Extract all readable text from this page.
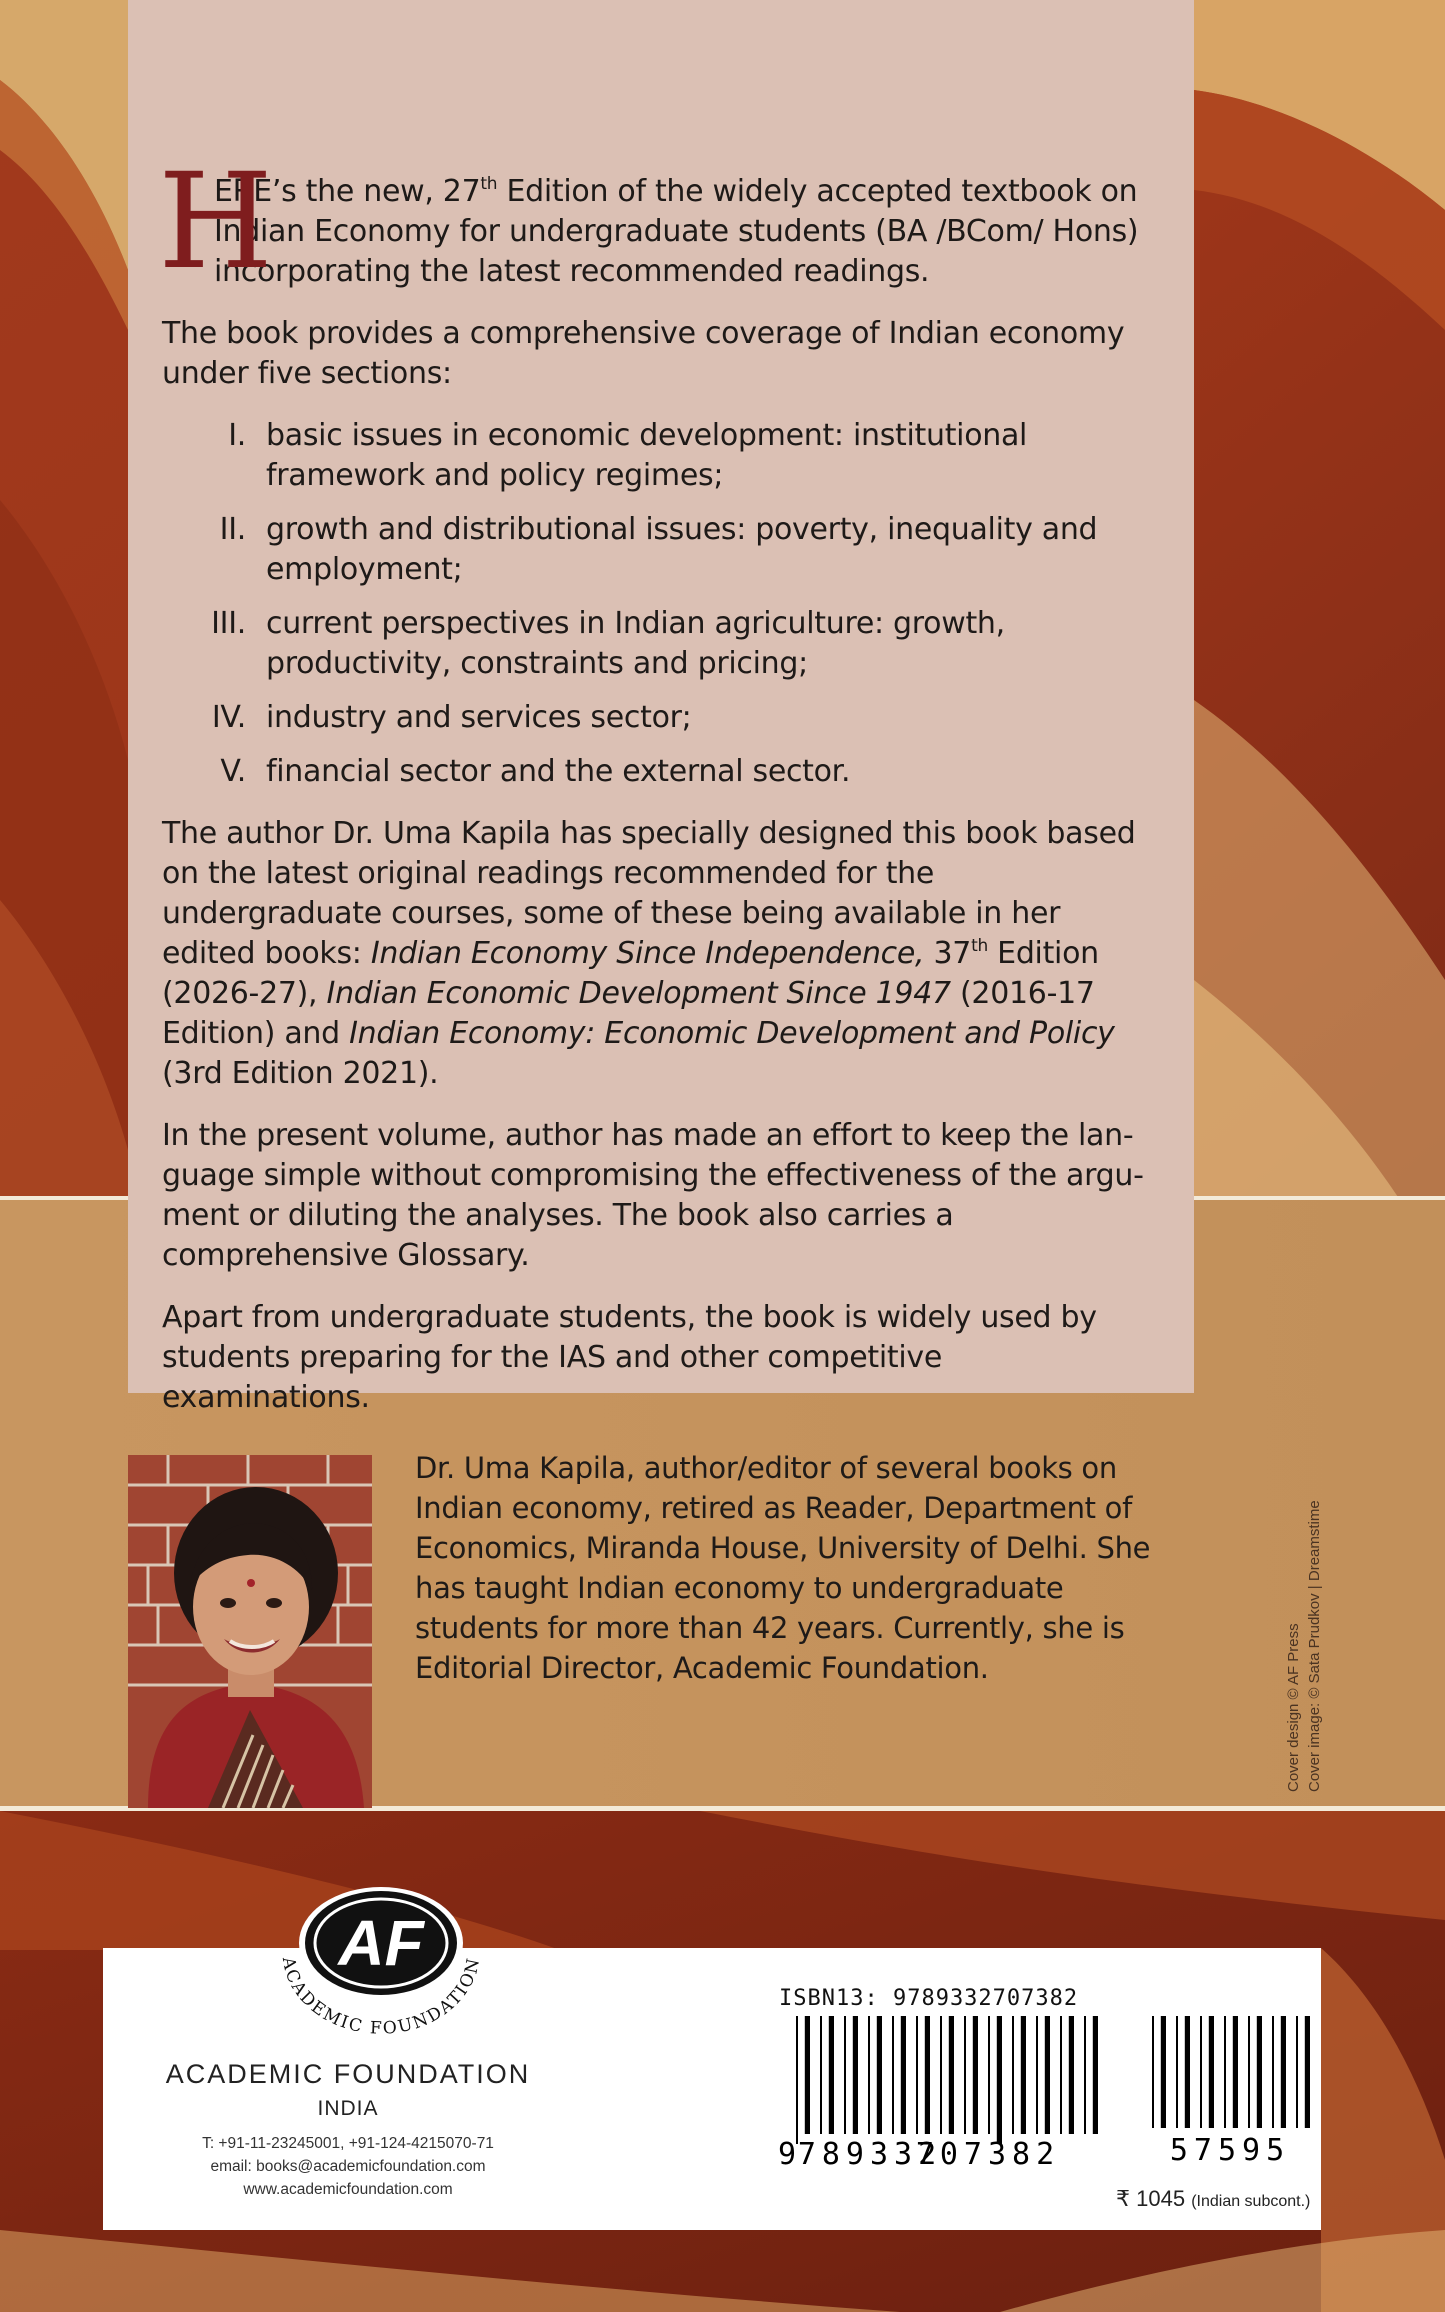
H
ERE’s the new, 27th Edition of the widely accepted textbook on Indian Economy for undergraduate students (BA /BCom/ Hons) incorporating the latest recommended readings.

The book provides a comprehensive coverage of Indian economy under five sections:

I. basic issues in economic development: institutional framework and policy regimes;
II. growth and distributional issues: poverty, inequality and employment;
III. current perspectives in Indian agriculture: growth, productivity, constraints and pricing;
IV. industry and services sector;
V. financial sector and the external sector.

The author Dr. Uma Kapila has specially designed this book based on the latest original readings recommended for the undergraduate courses, some of these being available in her edited books: Indian Economy Since Independence, 37th Edition (2026-27), Indian Economic Development Since 1947 (2016-17 Edition) and Indian Economy: Economic Development and Policy (3rd Edition 2021).

In the present volume, author has made an effort to keep the language simple without compromising the effectiveness of the argument or diluting the analyses. The book also carries a comprehensive Glossary.

Apart from undergraduate students, the book is widely used by students preparing for the IAS and other competitive examinations.

Dr. Uma Kapila, author/editor of several books on Indian economy, retired as Reader, Department of Economics, Miranda House, University of Delhi. She has taught Indian economy to undergraduate students for more than 42 years. Currently, she is Editorial Director, Academic Foundation.	Cover design © AF Press Cover image: © Sata Prudkov | Dreamstime
AF
ACADEMIC FOUNDATION
ACADEMIC FOUNDATION
INDIA
T: +91-11-23245001, +91-124-4215070-71
email: books@academicfoundation.com
www.academicfoundation.com
ISBN13: 9789332707382
9 789332
707382	57595
₹ 1045 (Indian subcont.)
